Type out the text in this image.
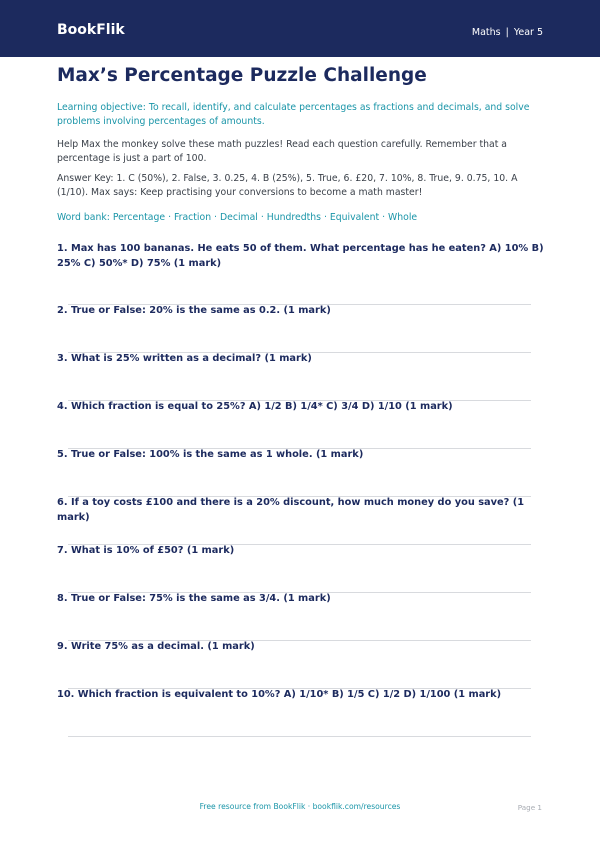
BookFlik	Maths | Year 5
Max’s Percentage Puzzle Challenge

Learning objective: To recall, identify, and calculate percentages as fractions and decimals, and solve problems involving percentages of amounts.

Help Max the monkey solve these math puzzles! Read each question carefully. Remember that a percentage is just a part of 100.

Answer Key: 1. C (50%), 2. False, 3. 0.25, 4. B (25%), 5. True, 6. £20, 7. 10%, 8. True, 9. 0.75, 10. A (1/10). Max says: Keep practising your conversions to become a math master!

Word bank: Percentage · Fraction · Decimal · Hundredths · Equivalent · Whole

1. Max has 100 bananas. He eats 50 of them. What percentage has he eaten? A) 10% B) 25% C) 50%* D) 75% (1 mark)
2. True or False: 20% is the same as 0.2. (1 mark)
3. What is 25% written as a decimal? (1 mark)
4. Which fraction is equal to 25%? A) 1/2 B) 1/4* C) 3/4 D) 1/10 (1 mark)
5. True or False: 100% is the same as 1 whole. (1 mark)
6. If a toy costs £100 and there is a 20% discount, how much money do you save? (1 mark)
7. What is 10% of £50? (1 mark)
8. True or False: 75% is the same as 3/4. (1 mark)
9. Write 75% as a decimal. (1 mark)
10. Which fraction is equivalent to 10%? A) 1/10* B) 1/5 C) 1/2 D) 1/100 (1 mark)
Free resource from BookFlik · bookflik.com/resources	Page 1
